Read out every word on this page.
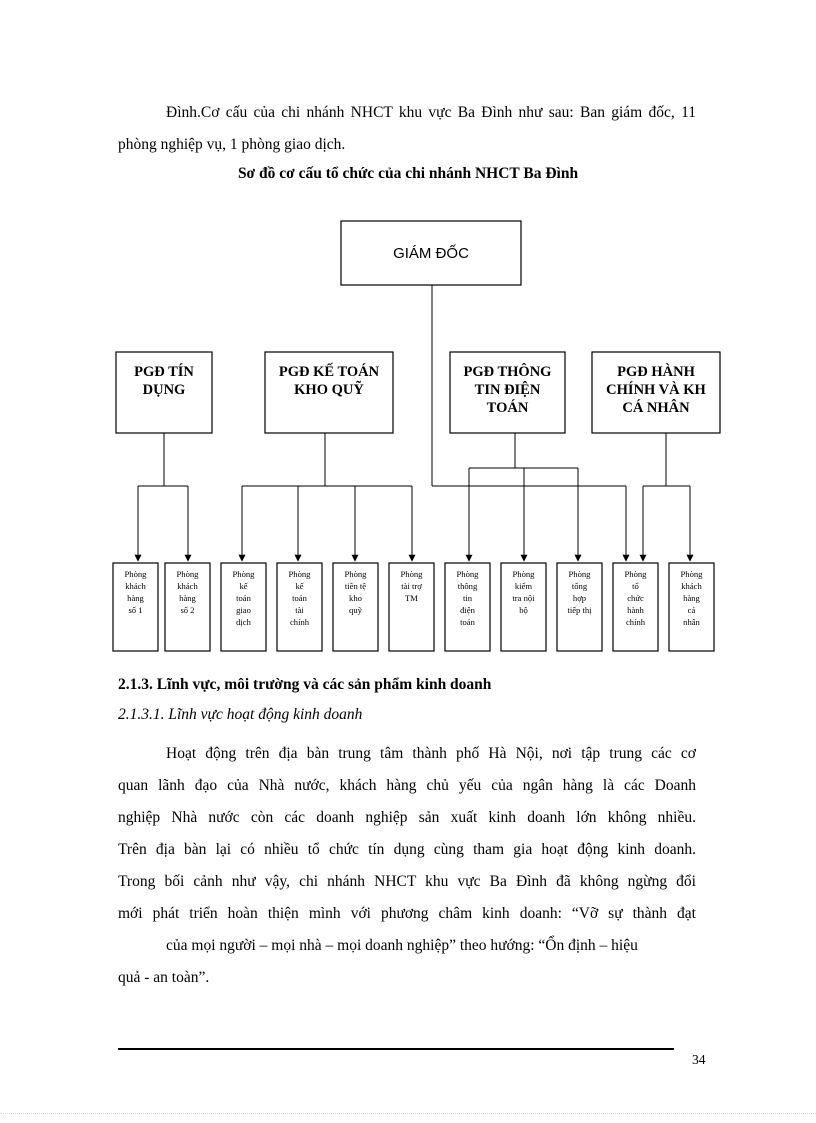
Đình.Cơ cấu của chi nhánh NHCT khu vực Ba Đình như sau: Ban giám đốc, 11 phòng nghiệp vụ, 1 phòng giao dịch.

Sơ đồ cơ cấu tổ chức của chi nhánh NHCT Ba Đình
GIÁM ĐỐC
PGĐ TÍN
DỤNG
PGĐ KẾ TOÁN
KHO QUỸ
PGĐ THÔNG
TIN ĐIỆN
TOÁN
PGĐ HÀNH
CHÍNH VÀ KH
CÁ NHÂN
Phòng
khách
hàng
số 1
Phòng
khách
hàng
số 2
Phòng
kế
toán
giao
dịch
Phòng
kế
toán
tài
chính
Phòng
tiền tệ
kho
quỹ
Phòng
tài trợ
TM
Phòng
thông
tin
điện
toán
Phòng
kiểm
tra nội
bộ
Phòng
tổng
hợp
tiếp thị
Phòng
tổ
chức
hành
chính
Phòng
khách
hàng
cá
nhân
2.1.3. Lĩnh vực, môi trường và các sản phẩm kinh doanh
2.1.3.1. Lĩnh vực hoạt động kinh doanh
Hoạt động trên địa bàn trung tâm thành phố Hà Nội, nơi tập trung các cơ
quan lãnh đạo của Nhà nước, khách hàng chủ yếu của ngân hàng là các Doanh
nghiệp Nhà nước còn các doanh nghiệp sản xuất kinh doanh lớn không nhiều.
Trên địa bàn lại có nhiều tổ chức tín dụng cùng tham gia hoạt động kinh doanh.
Trong bối cảnh như vậy, chi nhánh NHCT khu vực Ba Đình đã không ngừng đổi
mới phát triển hoàn thiện mình với phương châm kinh doanh: “Vỡ sự thành đạt
của mọi người – mọi nhà – mọi doanh nghiệp” theo hướng: “Ổn định – hiệu
quả - an toàn”.
34
